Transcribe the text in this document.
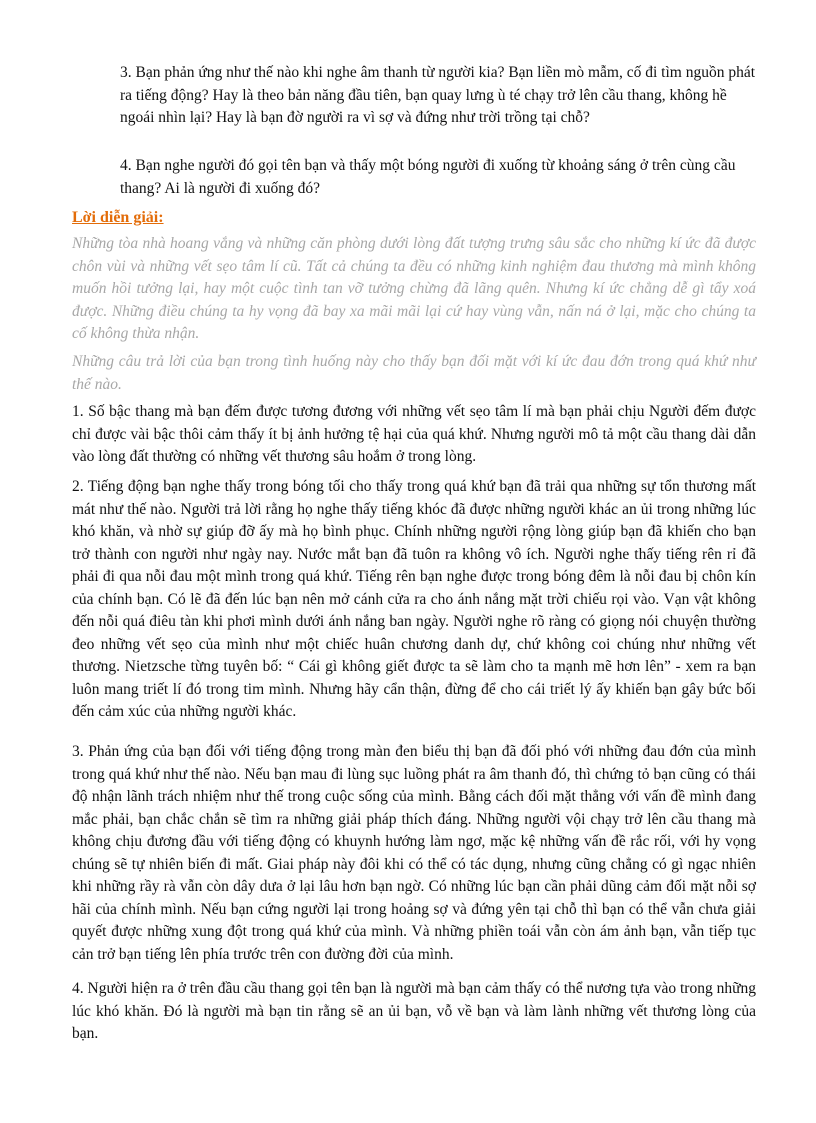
3. Bạn phản ứng như thế nào khi nghe âm thanh từ người kia? Bạn liền mò mẫm, cố đi tìm nguồn phát ra tiếng động? Hay là theo bản năng đầu tiên, bạn quay lưng ù té chạy trở lên cầu thang, không hề ngoái nhìn lại? Hay là bạn đờ người ra vì sợ và đứng như trời trồng tại chỗ?

4. Bạn nghe người đó gọi tên bạn và thấy một bóng người đi xuống từ khoảng sáng ở trên cùng cầu thang? Ai là người đi xuống đó?

Lời diễn giải:

Những tòa nhà hoang vắng và những căn phòng dưới lòng đất tượng trưng sâu sắc cho những kí ức đã được chôn vùi và những vết sẹo tâm lí cũ. Tất cả chúng ta đều có những kinh nghiệm đau thương mà mình không muốn hồi tưởng lại, hay một cuộc tình tan vỡ tưởng chừng đã lãng quên. Nhưng kí ức chẳng dễ gì tẩy xoá được. Những điều chúng ta hy vọng đã bay xa mãi mãi lại cứ hay vùng vẫn, nấn ná ở lại, mặc cho chúng ta cố không thừa nhận.

Những câu trả lời của bạn trong tình huống này cho thấy bạn đối mặt với kí ức đau đớn trong quá khứ như thế nào.

1. Số bậc thang mà bạn đếm được tương đương với những vết sẹo tâm lí mà bạn phải chịu Người đếm được chỉ được vài bậc thôi cảm thấy ít bị ảnh hưởng tệ hại của quá khứ. Nhưng người mô tả một cầu thang dài dẫn vào lòng đất thường có những vết thương sâu hoắm ở trong lòng.

2. Tiếng động bạn nghe thấy trong bóng tối cho thấy trong quá khứ bạn đã trải qua những sự tổn thương mất mát như thế nào. Người trả lời rằng họ nghe thấy tiếng khóc đã được những người khác an ủi trong những lúc khó khăn, và nhờ sự giúp đỡ ấy mà họ bình phục. Chính những người rộng lòng giúp bạn đã khiến cho bạn trở thành con người như ngày nay. Nước mắt bạn đã tuôn ra không vô ích. Người nghe thấy tiếng rên rỉ đã phải đi qua nỗi đau một mình trong quá khứ. Tiếng rên bạn nghe được trong bóng đêm là nỗi đau bị chôn kín của chính bạn. Có lẽ đã đến lúc bạn nên mở cánh cửa ra cho ánh nắng mặt trời chiếu rọi vào. Vạn vật không đến nỗi quá điêu tàn khi phơi mình dưới ánh nắng ban ngày. Người nghe rõ ràng có giọng nói chuyện thường đeo những vết sẹo của mình như một chiếc huân chương danh dự, chứ không coi chúng như những vết thương. Nietzsche từng tuyên bố: “ Cái gì không giết được ta sẽ làm cho ta mạnh mẽ hơn lên” - xem ra bạn luôn mang triết lí đó trong tim mình. Nhưng hãy cẩn thận, đừng để cho cái triết lý ấy khiến bạn gây bức bối đến cảm xúc của những người khác.

3. Phản ứng của bạn đối với tiếng động trong màn đen biểu thị bạn đã đối phó với những đau đớn của mình trong quá khứ như thế nào. Nếu bạn mau đi lùng sục luồng phát ra âm thanh đó, thì chứng tỏ bạn cũng có thái độ nhận lãnh trách nhiệm như thế trong cuộc sống của mình. Bằng cách đối mặt thẳng với vấn đề mình đang mắc phải, bạn chắc chắn sẽ tìm ra những giải pháp thích đáng. Những người vội chạy trở lên cầu thang mà không chịu đương đầu với tiếng động có khuynh hướng làm ngơ, mặc kệ những vấn đề rắc rối, với hy vọng chúng sẽ tự nhiên biến đi mất. Giai pháp này đôi khi có thể có tác dụng, nhưng cũng chẳng có gì ngạc nhiên khi những rầy rà vẫn còn dây dưa ở lại lâu hơn bạn ngờ. Có những lúc bạn cần phải dũng cảm đối mặt nỗi sợ hãi của chính mình. Nếu bạn cứng người lại trong hoảng sợ và đứng yên tại chỗ thì bạn có thể vẫn chưa giải quyết được những xung đột trong quá khứ của mình. Và những phiền toái vẫn còn ám ảnh bạn, vẫn tiếp tục cản trở bạn tiếng lên phía trước trên con đường đời của mình.

4. Người hiện ra ở trên đầu cầu thang gọi tên bạn là người mà bạn cảm thấy có thể nương tựa vào trong những lúc khó khăn. Đó là người mà bạn tin rằng sẽ an ủi bạn, vỗ về bạn và làm lành những vết thương lòng của bạn.
